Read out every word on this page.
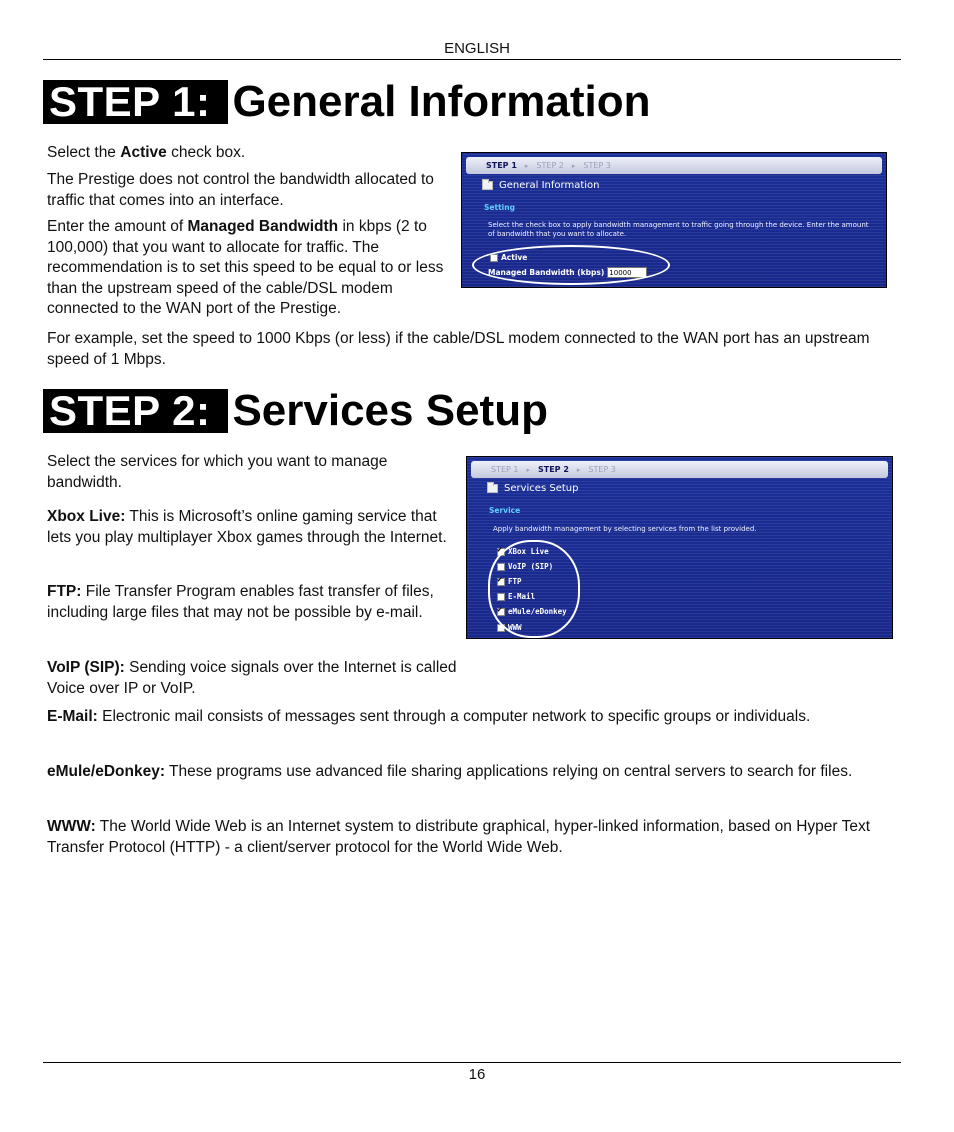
ENGLISH
STEP 1: General Information

Select the Active check box.

The Prestige does not control the bandwidth allocated to traffic that comes into an interface.

Enter the amount of Managed Bandwidth in kbps (2 to 100,000) that you want to allocate for traffic. The recommendation is to set this speed to be equal to or less than the upstream speed of the cable/DSL modem connected to the WAN port of the Prestige.

For example, set the speed to 1000 Kbps (or less) if the cable/DSL modem connected to the WAN port has an upstream speed of 1 Mbps.

STEP 1 ▸ STEP 2 ▸ STEP 3
General Information
Setting
Select the check box to apply bandwidth management to traffic going through the device. Enter the amount of bandwidth that you want to allocate.
Active
Managed Bandwidth (kbps) 10000
STEP 2: Services Setup

Select the services for which you want to manage bandwidth.

Xbox Live: This is Microsoft’s online gaming service that lets you play multiplayer Xbox games through the Internet.

FTP: File Transfer Program enables fast transfer of files, including large files that may not be possible by e-mail.

VoIP (SIP): Sending voice signals over the Internet is called Voice over IP or VoIP.

E-Mail: Electronic mail consists of messages sent through a computer network to specific groups or individuals.

eMule/eDonkey: These programs use advanced file sharing applications relying on central servers to search for files.

WWW: The World Wide Web is an Internet system to distribute graphical, hyper-linked information, based on Hyper Text Transfer Protocol (HTTP) - a client/server protocol for the World Wide Web.

STEP 1 ▸ STEP 2 ▸ STEP 3
Services Setup
Service
Apply bandwidth management by selecting services from the list provided.
✔
XBox Live
VoIP (SIP)
✔
FTP
E-Mail
✔
eMule/eDonkey
WWW
16
